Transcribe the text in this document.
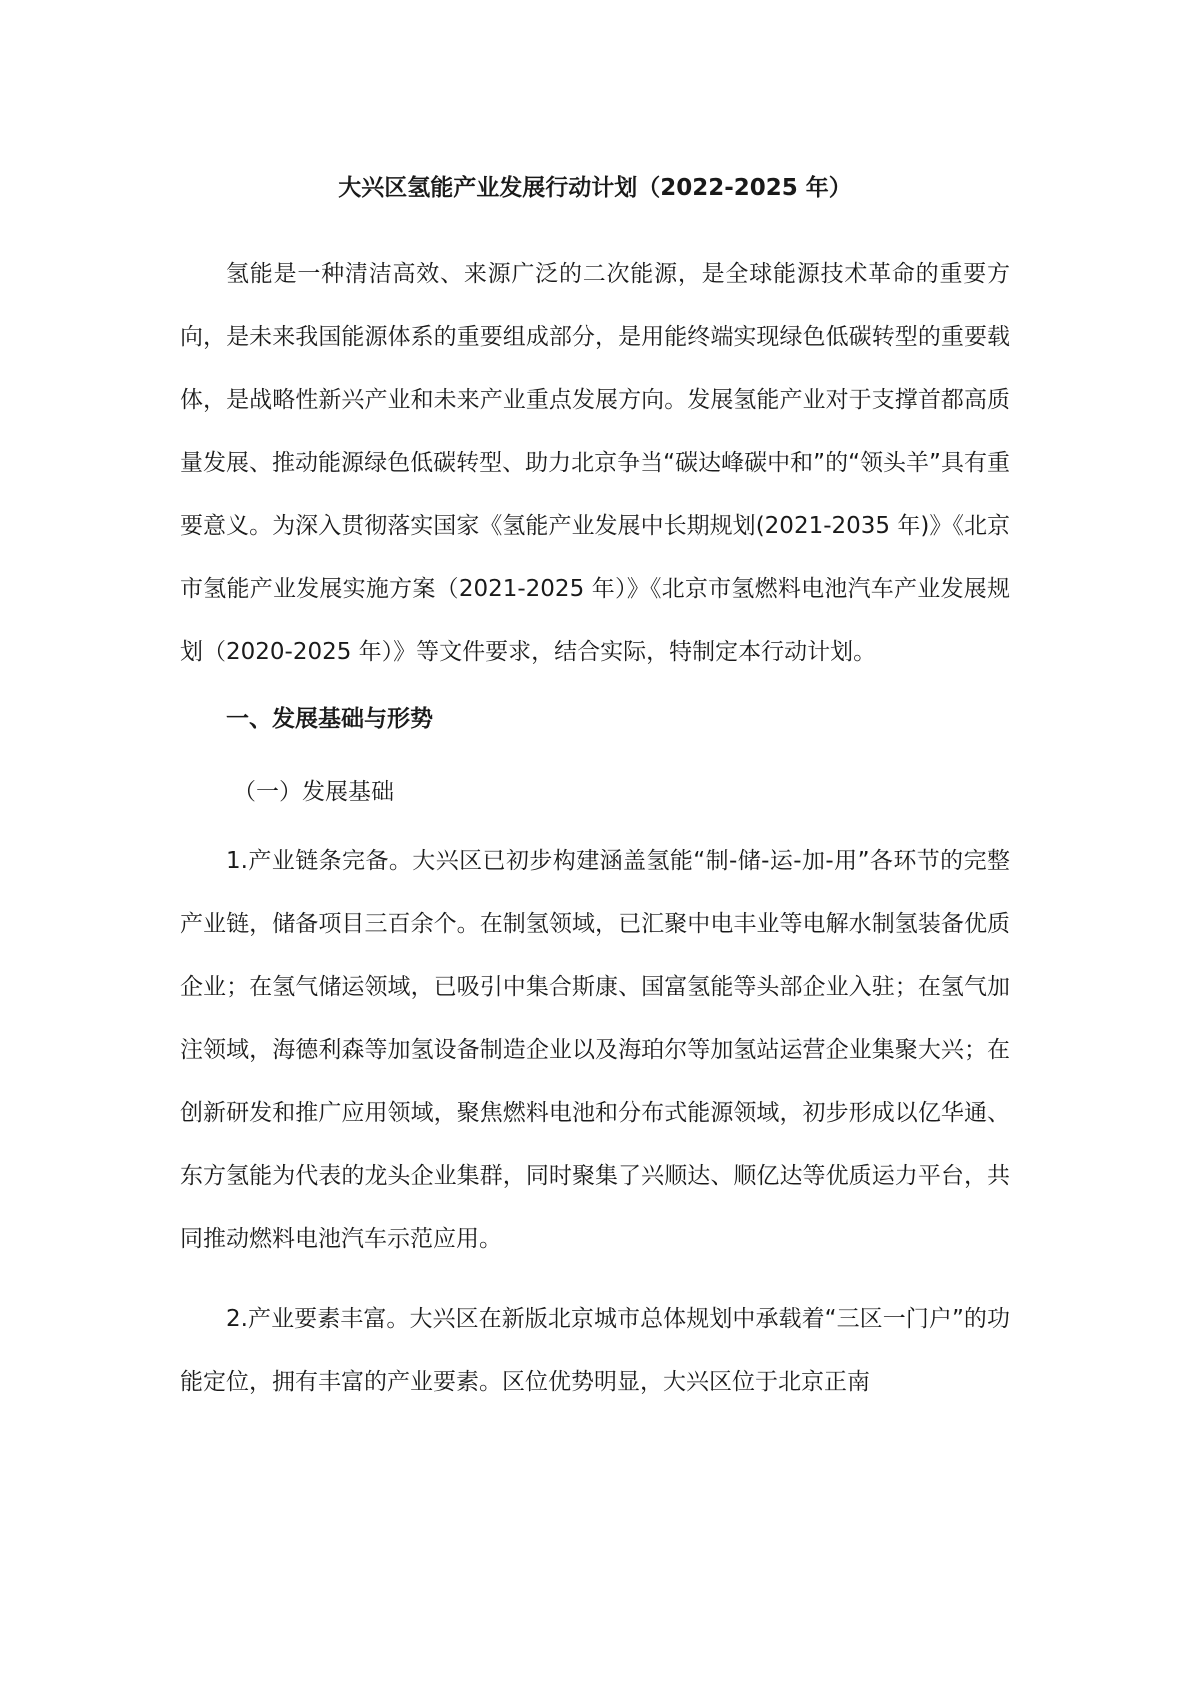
大兴区氢能产业发展行动计划（2022-2025 年）

氢能是一种清洁高效、来源广泛的二次能源，是全球能源技术革命的重要方向，是未来我国能源体系的重要组成部分，是用能终端实现绿色低碳转型的重要载体，是战略性新兴产业和未来产业重点发展方向。发展氢能产业对于支撑首都高质量发展、推动能源绿色低碳转型、助力北京争当“碳达峰碳中和”的“领头羊”具有重要意义。为深入贯彻落实国家《氢能产业发展中长期规划(2021-2035 年)》《北京市氢能产业发展实施方案（2021-2025 年）》《北京市氢燃料电池汽车产业发展规划（2020-2025 年）》等文件要求，结合实际，特制定本行动计划。

一、发展基础与形势
（一）发展基础

1.产业链条完备。大兴区已初步构建涵盖氢能“制-储-运-加-用”各环节的完整产业链，储备项目三百余个。在制氢领域，已汇聚中电丰业等电解水制氢装备优质企业；在氢气储运领域，已吸引中集合斯康、国富氢能等头部企业入驻；在氢气加注领域，海德利森等加氢设备制造企业以及海珀尔等加氢站运营企业集聚大兴；在创新研发和推广应用领域，聚焦燃料电池和分布式能源领域，初步形成以亿华通、东方氢能为代表的龙头企业集群，同时聚集了兴顺达、顺亿达等优质运力平台，共同推动燃料电池汽车示范应用。

2.产业要素丰富。大兴区在新版北京城市总体规划中承载着“三区一门户”的功能定位，拥有丰富的产业要素。区位优势明显，大兴区位于北京正南
